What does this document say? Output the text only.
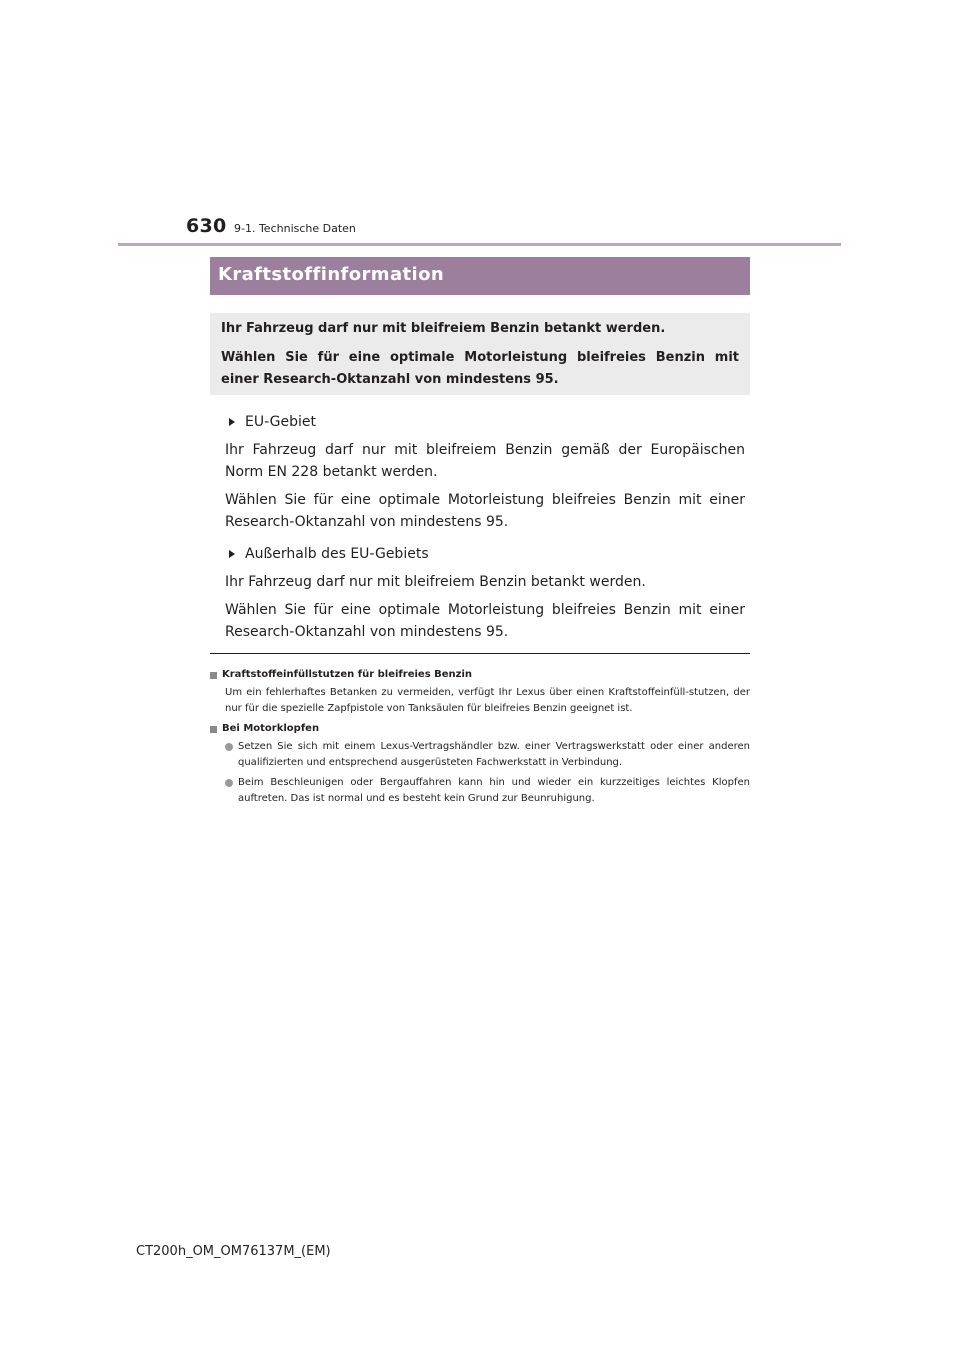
630 9-1. Technische Daten
Kraftstoffinformation

Ihr Fahrzeug darf nur mit bleifreiem Benzin betankt werden.

Wählen Sie für eine optimale Motorleistung bleifreies Benzin mit einer Research-Oktanzahl von mindestens 95.

EU-Gebiet

Ihr Fahrzeug darf nur mit bleifreiem Benzin gemäß der Europäischen Norm EN 228 betankt werden.

Wählen Sie für eine optimale Motorleistung bleifreies Benzin mit einer Research-Oktanzahl von mindestens 95.

Außerhalb des EU-Gebiets

Ihr Fahrzeug darf nur mit bleifreiem Benzin betankt werden.

Wählen Sie für eine optimale Motorleistung bleifreies Benzin mit einer Research-Oktanzahl von mindestens 95.

Kraftstoffeinfüllstutzen für bleifreies Benzin
Um ein fehlerhaftes Betanken zu vermeiden, verfügt Ihr Lexus über einen Kraftstoffeinfüll-stutzen, der nur für die spezielle Zapfpistole von Tanksäulen für bleifreies Benzin geeignet ist.
Bei Motorklopfen
Setzen Sie sich mit einem Lexus-Vertragshändler bzw. einer Vertragswerkstatt oder einer anderen qualifizierten und entsprechend ausgerüsteten Fachwerkstatt in Verbindung.
Beim Beschleunigen oder Bergauffahren kann hin und wieder ein kurzzeitiges leichtes Klopfen auftreten. Das ist normal und es besteht kein Grund zur Beunruhigung.
CT200h_OM_OM76137M_(EM)
